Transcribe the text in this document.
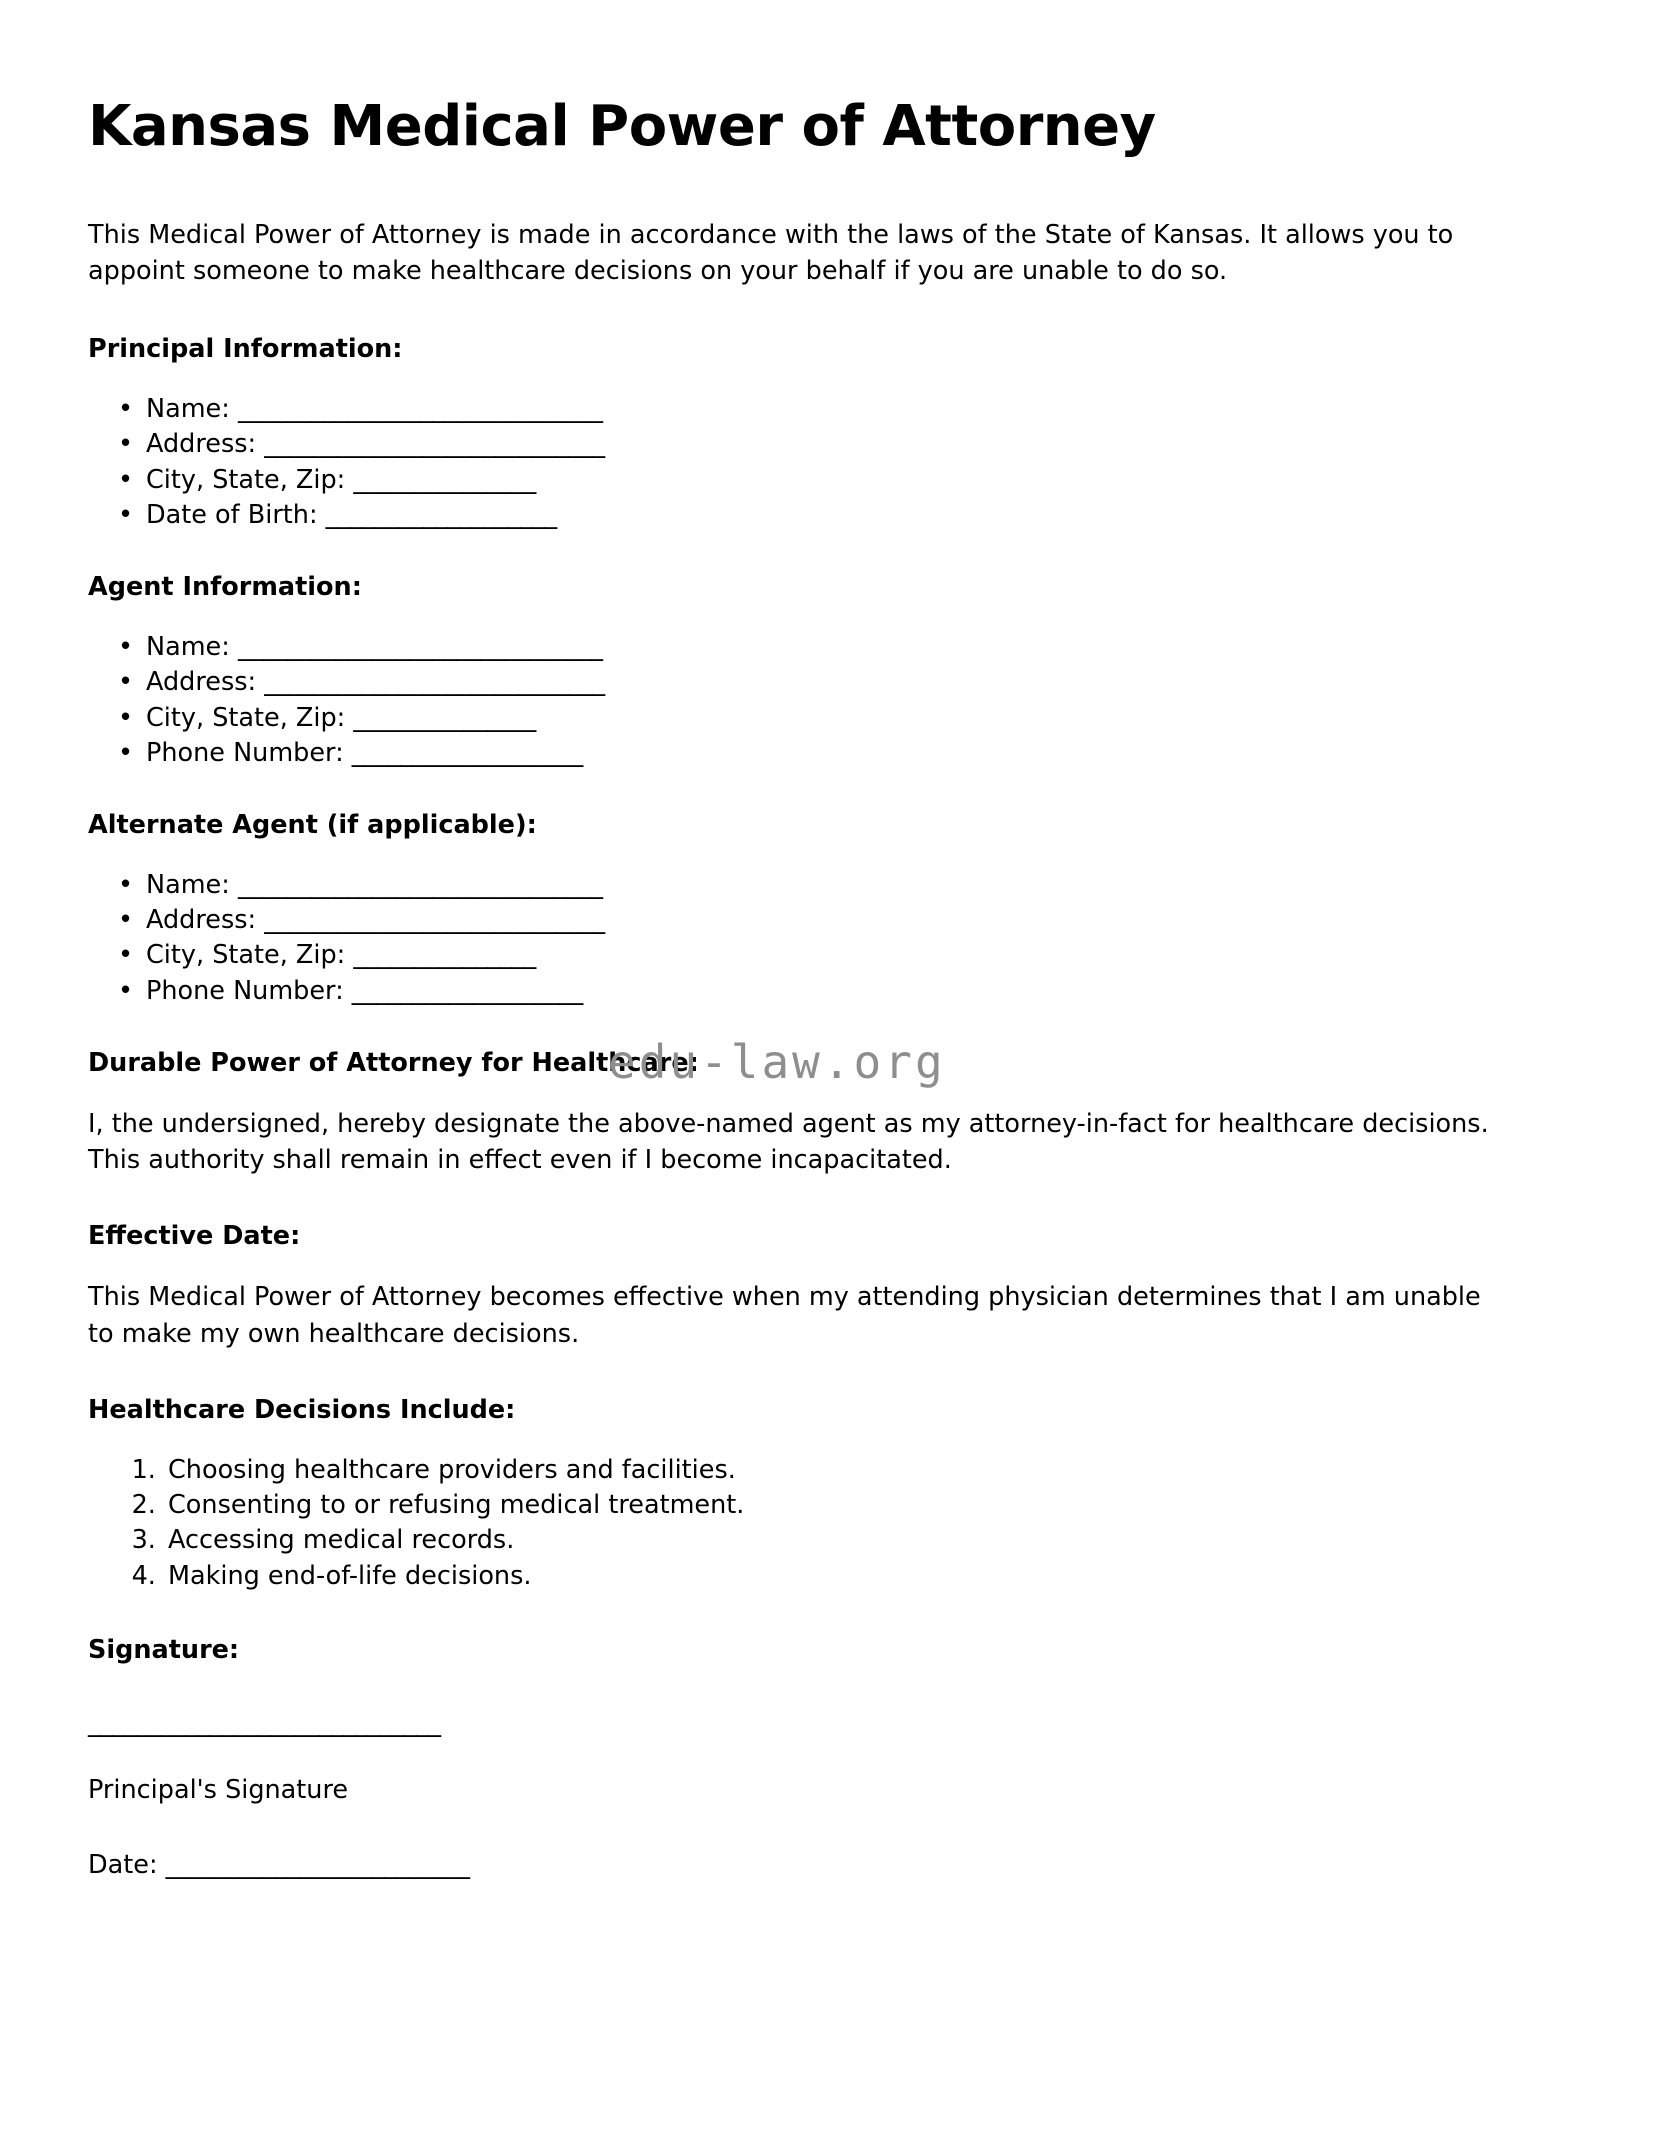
Kansas Medical Power of Attorney

This Medical Power of Attorney is made in accordance with the laws of the State of Kansas. It allows you to appoint someone to make healthcare decisions on your behalf if you are unable to do so.

Principal Information:
• Name: ______________________________
• Address: ____________________________
• City, State, Zip: _______________
• Date of Birth: ___________________
Agent Information:
• Name: ______________________________
• Address: ____________________________
• City, State, Zip: _______________
• Phone Number: ___________________
Alternate Agent (if applicable):
• Name: ______________________________
• Address: ____________________________
• City, State, Zip: _______________
• Phone Number: ___________________
Durable Power of Attorney for Healthcare:

I, the undersigned, hereby designate the above-named agent as my attorney-in-fact for healthcare decisions. This authority shall remain in effect even if I become incapacitated.

Effective Date:

This Medical Power of Attorney becomes effective when my attending physician determines that I am unable to make my own healthcare decisions.

Healthcare Decisions Include:
1. Choosing healthcare providers and facilities.
2. Consenting to or refusing medical treatment.
3. Accessing medical records.
4. Making end-of-life decisions.
Signature:
_____________________________
Principal's Signature
Date: _________________________
edu-law.org
